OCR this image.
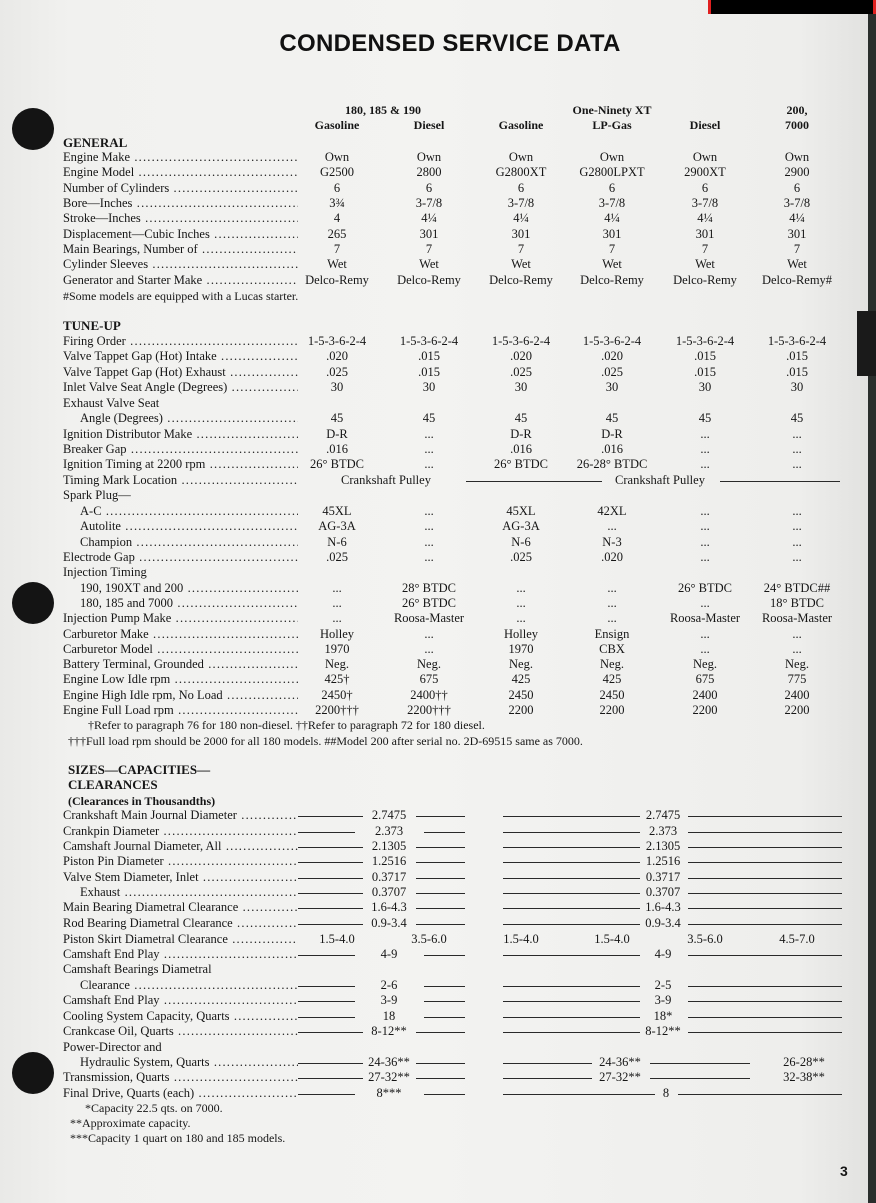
CONDENSED SERVICE DATA
180, 185 & 190	One-Ninety XT	200,
Gasoline	Diesel	Gasoline	LP-Gas	Diesel	7000
GENERAL
Engine Make .....	Own	Own	Own	Own	Own	Own
Engine Model .....	G2500	2800	G2800XT	G2800LPXT	2900XT	2900
Number of Cylinders .....	6	6	6	6	6	6
Bore—Inches .....	3¾	3-7/8	3-7/8	3-7/8	3-7/8	3-7/8
Stroke—Inches .....	4	4¼	4¼	4¼	4¼	4¼
Displacement—Cubic Inches .....	265	301	301	301	301	301
Main Bearings, Number of .....	7	7	7	7	7	7
Cylinder Sleeves .....	Wet	Wet	Wet	Wet	Wet	Wet
Generator and Starter Make .....	Delco-Remy	Delco-Remy	Delco-Remy	Delco-Remy	Delco-Remy	Delco-Remy#
#Some models are equipped with a Lucas starter.
TUNE-UP
Firing Order .....	1-5-3-6-2-4	1-5-3-6-2-4	1-5-3-6-2-4	1-5-3-6-2-4	1-5-3-6-2-4	1-5-3-6-2-4
Valve Tappet Gap (Hot) Intake .....	.020	.015	.020	.020	.015	.015
Valve Tappet Gap (Hot) Exhaust .....	.025	.015	.025	.025	.015	.015
Inlet Valve Seat Angle (Degrees) .....	30	30	30	30	30	30
Exhaust Valve Seat
Angle (Degrees) .....	45	45	45	45	45	45
Ignition Distributor Make .....	D-R	...	D-R	D-R	...	...
Breaker Gap .....	.016	...	.016	.016	...	...
Ignition Timing at 2200 rpm .....	26° BTDC	...	26° BTDC	26-28° BTDC	...	...
Timing Mark Location .....	Crankshaft Pulley	Crankshaft Pulley
Spark Plug—
A-C .....	45XL	...	45XL	42XL	...	...
Autolite .....	AG-3A	...	AG-3A	...	...	...
Champion .....	N-6	...	N-6	N-3	...	...
Electrode Gap .....	.025	...	.025	.020	...	...
Injection Timing
190, 190XT and 200 .....	...	28° BTDC	...	...	26° BTDC	24° BTDC##
180, 185 and 7000 .....	...	26° BTDC	...	...	...	18° BTDC
Injection Pump Make .....	...	Roosa-Master	...	...	Roosa-Master	Roosa-Master
Carburetor Make .....	Holley	...	Holley	Ensign	...	...
Carburetor Model .....	1970	...	1970	CBX	...	...
Battery Terminal, Grounded .....	Neg.	Neg.	Neg.	Neg.	Neg.	Neg.
Engine Low Idle rpm .....	425†	675	425	425	675	775
Engine High Idle rpm, No Load .....	2450†	2400††	2450	2450	2400	2400
Engine Full Load rpm .....	2200†††	2200†††	2200	2200	2200	2200
†Refer to paragraph 76 for 180 non-diesel. ††Refer to paragraph 72 for 180 diesel.
†††Full load rpm should be 2000 for all 180 models. ##Model 200 after serial no. 2D-69515 same as 7000.
SIZES—CAPACITIES—
CLEARANCES
(Clearances in Thousandths)
Crankshaft Main Journal Diameter .....	2.7475	2.7475
Crankpin Diameter .....	2.373	2.373
Camshaft Journal Diameter, All .....	2.1305	2.1305
Piston Pin Diameter .....	1.2516	1.2516
Valve Stem Diameter, Inlet .....	0.3717	0.3717
Exhaust .....	0.3707	0.3707
Main Bearing Diametral Clearance .....	1.6-4.3	1.6-4.3
Rod Bearing Diametral Clearance .....	0.9-3.4	0.9-3.4
Piston Skirt Diametral Clearance .....	1.5-4.0	3.5-6.0	1.5-4.0	1.5-4.0	3.5-6.0	4.5-7.0
Camshaft End Play .....	4-9	4-9
Camshaft Bearings Diametral
Clearance .....	2-6	2-5
Camshaft End Play .....	3-9	3-9
Cooling System Capacity, Quarts .....	18	18*
Crankcase Oil, Quarts .....	8-12**	8-12**
Power-Director and
Hydraulic System, Quarts .....	24-36**	24-36**	26-28**
Transmission, Quarts .....	27-32**	27-32**	32-38**
Final Drive, Quarts (each) .....	8***	8
*Capacity 22.5 qts. on 7000.
**Approximate capacity.
***Capacity 1 quart on 180 and 185 models.
3
